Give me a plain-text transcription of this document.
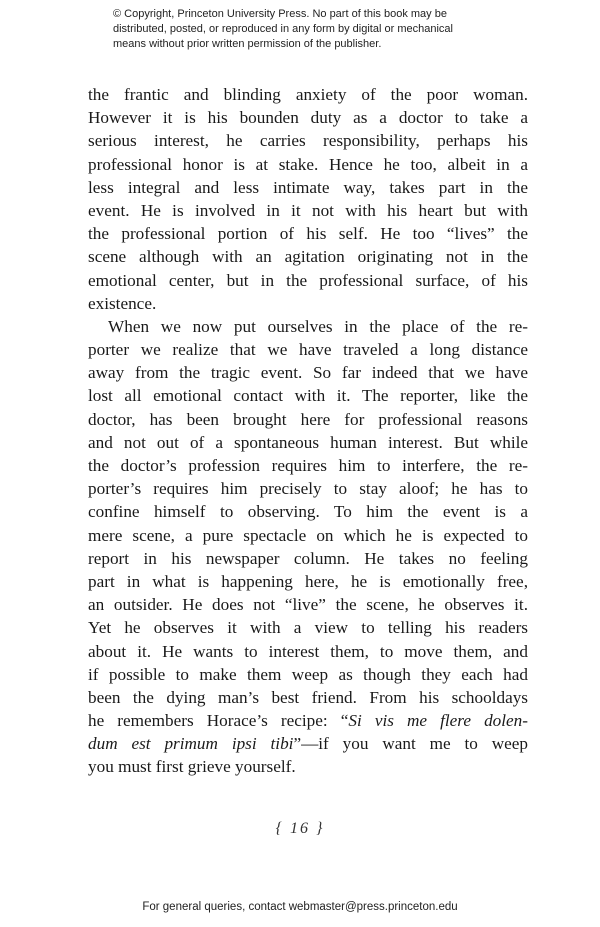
© Copyright, Princeton University Press. No part of this book may be
distributed, posted, or reproduced in any form by digital or mechanical
means without prior written permission of the publisher.
the frantic and blinding anxiety of the poor woman.
However it is his bounden duty as a doctor to take a
serious interest, he carries responsibility, perhaps his
professional honor is at stake. Hence he too, albeit in a
less integral and less intimate way, takes part in the
event. He is involved in it not with his heart but with
the professional portion of his self. He too “lives” the
scene although with an agitation originating not in the
emotional center, but in the professional surface, of his
existence.
When we now put ourselves in the place of the re-
porter we realize that we have traveled a long distance
away from the tragic event. So far indeed that we have
lost all emotional contact with it. The reporter, like the
doctor, has been brought here for professional reasons
and not out of a spontaneous human interest. But while
the doctor’s profession requires him to interfere, the re-
porter’s requires him precisely to stay aloof; he has to
confine himself to observing. To him the event is a
mere scene, a pure spectacle on which he is expected to
report in his newspaper column. He takes no feeling
part in what is happening here, he is emotionally free,
an outsider. He does not “live” the scene, he observes it.
Yet he observes it with a view to telling his readers
about it. He wants to interest them, to move them, and
if possible to make them weep as though they each had
been the dying man’s best friend. From his schooldays
he remembers Horace’s recipe: “Si vis me flere dolen-
dum est primum ipsi tibi”—if you want me to weep
you must first grieve yourself.
{ 16 }
For general queries, contact webmaster@press.princeton.edu
